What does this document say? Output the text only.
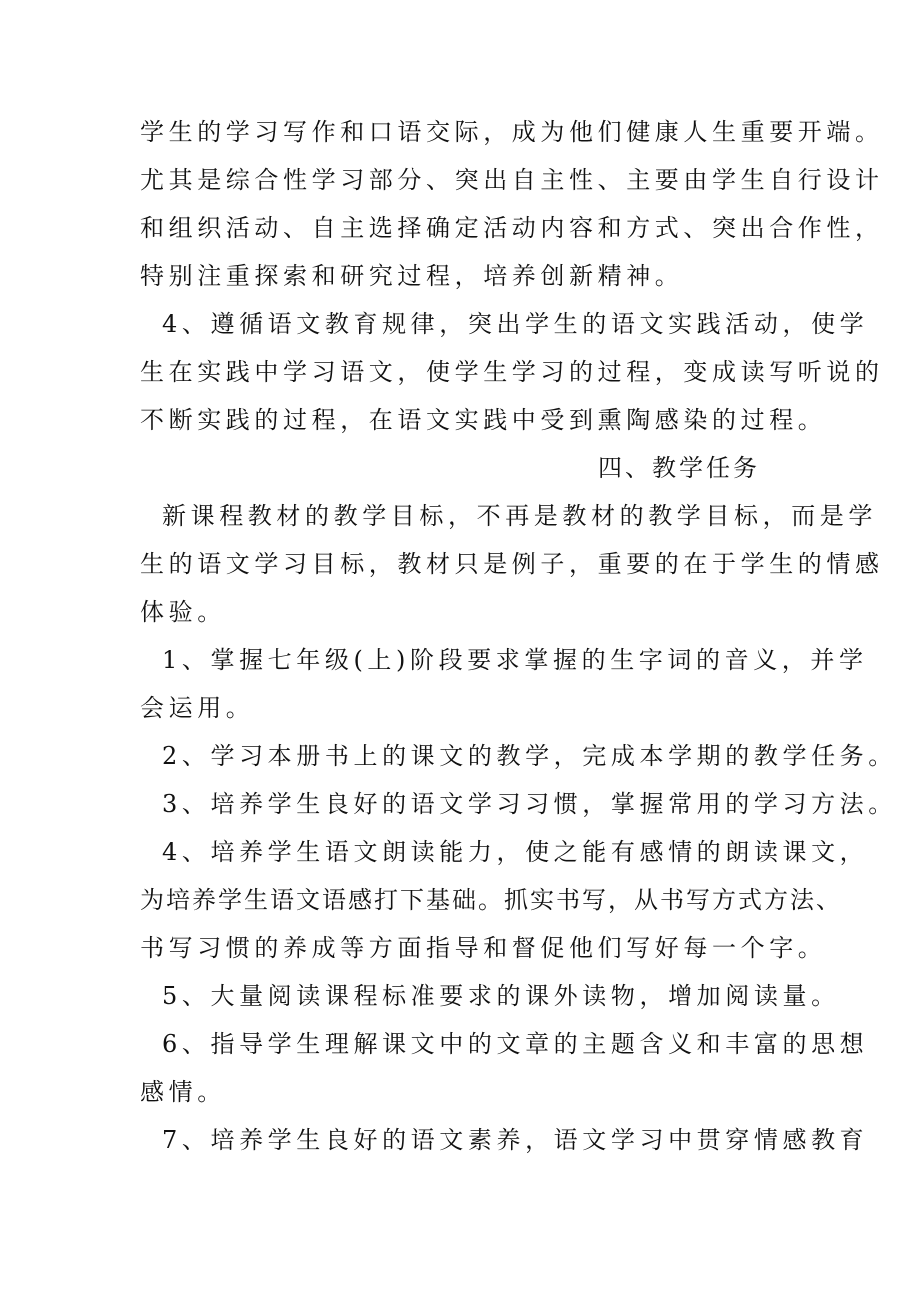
学生的学习写作和口语交际，成为他们健康人生重要开端。
尤其是综合性学习部分、突出自主性、主要由学生自行设计
和组织活动、自主选择确定活动内容和方式、突出合作性，
特别注重探索和研究过程，培养创新精神。
4、遵循语文教育规律，突出学生的语文实践活动，使学
生在实践中学习语文，使学生学习的过程，变成读写听说的
不断实践的过程，在语文实践中受到熏陶感染的过程。
四、教学任务
新课程教材的教学目标，不再是教材的教学目标，而是学
生的语文学习目标，教材只是例子，重要的在于学生的情感
体验。
1、掌握七年级(上)阶段要求掌握的生字词的音义，并学
会运用。
2、学习本册书上的课文的教学，完成本学期的教学任务。
3、培养学生良好的语文学习习惯，掌握常用的学习方法。
4、培养学生语文朗读能力，使之能有感情的朗读课文，
为培养学生语文语感打下基础。抓实书写，从书写方式方法、
书写习惯的养成等方面指导和督促他们写好每一个字。
5、大量阅读课程标准要求的课外读物，增加阅读量。
6、指导学生理解课文中的文章的主题含义和丰富的思想
感情。
7、培养学生良好的语文素养，语文学习中贯穿情感教育
